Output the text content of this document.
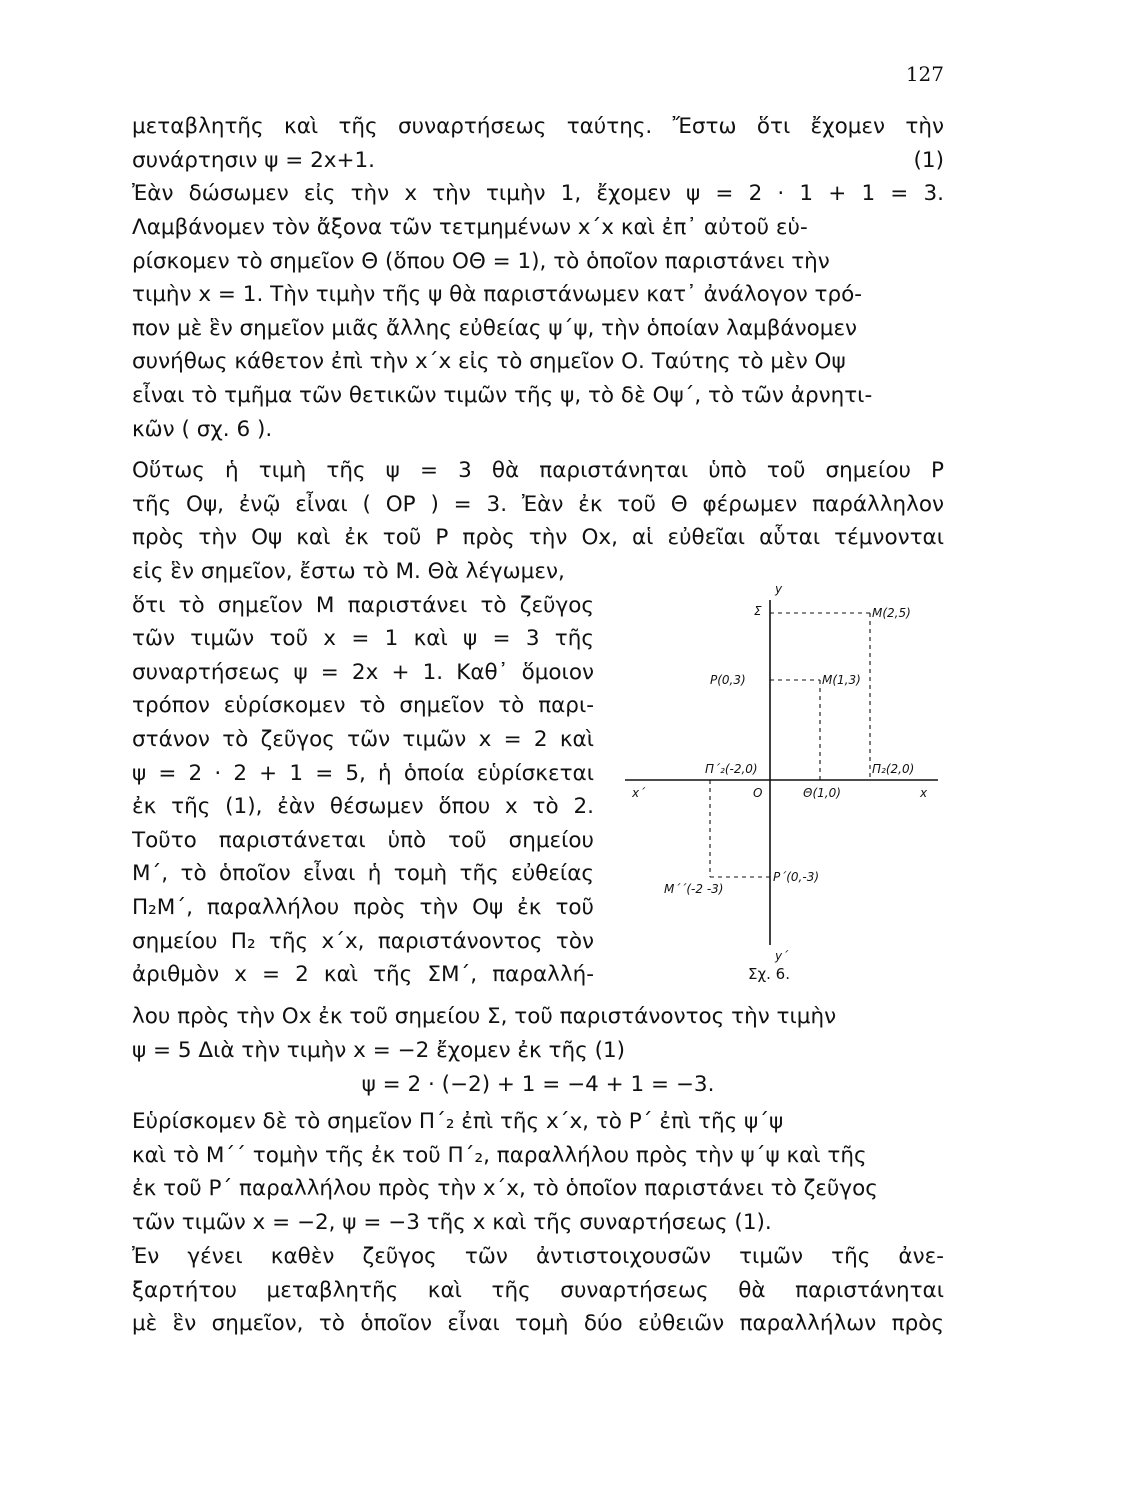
127
μεταβλητῆς καὶ τῆς συναρτήσεως ταύτης. Ἔστω ὅτι ἔχομεν τὴν
συνάρτησιν ψ = 2x+1.	(1)
Ἐὰν δώσωμεν εἰς τὴν x τὴν τιμὴν 1, ἔχομεν ψ = 2 · 1 + 1 = 3.
Λαμβάνομεν τὸν ἄξονα τῶν τετμημένων x΄x καὶ ἐπ᾽ αὐτοῦ εὑ-
ρίσκομεν τὸ σημεῖον Θ (ὅπου ΟΘ = 1), τὸ ὁποῖον παριστάνει τὴν
τιμὴν x = 1. Τὴν τιμὴν τῆς ψ θὰ παριστάνωμεν κατ᾽ ἀνάλογον τρό-
πον μὲ ἓν σημεῖον μιᾶς ἄλλης εὐθείας ψ΄ψ, τὴν ὁποίαν λαμβάνομεν
συνήθως κάθετον ἐπὶ τὴν x΄x εἰς τὸ σημεῖον Ο. Ταύτης τὸ μὲν Οψ
εἶναι τὸ τμῆμα τῶν θετικῶν τιμῶν τῆς ψ, τὸ δὲ Οψ΄, τὸ τῶν ἀρνητι-
κῶν ( σχ. 6 ).
Οὕτως ἡ τιμὴ τῆς ψ = 3 θὰ παριστάνηται ὑπὸ τοῦ σημείου Ρ
τῆς Οψ, ἐνῷ εἶναι ( ΟΡ ) = 3. Ἐὰν ἐκ τοῦ Θ φέρωμεν παράλληλον
πρὸς τὴν Οψ καὶ ἐκ τοῦ Ρ πρὸς τὴν Οx, αἱ εὐθεῖαι αὗται τέμνονται
εἰς ἓν σημεῖον, ἔστω τὸ Μ. Θὰ λέγωμεν,
ὅτι τὸ σημεῖον Μ παριστάνει τὸ ζεῦγος
τῶν τιμῶν τοῦ x = 1 καὶ ψ = 3 τῆς
συναρτήσεως ψ = 2x + 1. Καθ᾽ ὅμοιον
τρόπον εὑρίσκομεν τὸ σημεῖον τὸ παρι-
στάνον τὸ ζεῦγος τῶν τιμῶν x = 2 καὶ
ψ = 2 · 2 + 1 = 5, ἡ ὁποία εὑρίσκεται
ἐκ τῆς (1), ἐὰν θέσωμεν ὅπου x τὸ 2.
Τοῦτο παριστάνεται ὑπὸ τοῦ σημείου
Μ΄, τὸ ὁποῖον εἶναι ἡ τομὴ τῆς εὐθείας
Π₂Μ΄, παραλλήλου πρὸς τὴν Οψ ἐκ τοῦ
σημείου Π₂ τῆς x΄x, παριστάνοντος τὸν
ἀριθμὸν x = 2 καὶ τῆς ΣΜ΄, παραλλή-
y
y΄
x΄	x
O
Σ	M(2,5)
P(0,3)	M(1,3)
Π΄₂(-2,0)	Π₂(2,0)
Θ(1,0)
P΄(0,-3)
M΄΄(-2 -3)
Σχ. 6.
λου πρὸς τὴν Οx ἐκ τοῦ σημείου Σ, τοῦ παριστάνοντος τὴν τιμὴν
ψ = 5 Διὰ τὴν τιμὴν x = −2 ἔχομεν ἐκ τῆς (1)
ψ = 2 · (−2) + 1 = −4 + 1 = −3.
Εὑρίσκομεν δὲ τὸ σημεῖον Π΄₂ ἐπὶ τῆς x΄x, τὸ Ρ΄ ἐπὶ τῆς ψ΄ψ
καὶ τὸ Μ΄΄ τομὴν τῆς ἐκ τοῦ Π΄₂, παραλλήλου πρὸς τὴν ψ΄ψ καὶ τῆς
ἐκ τοῦ Ρ΄ παραλλήλου πρὸς τὴν x΄x, τὸ ὁποῖον παριστάνει τὸ ζεῦγος
τῶν τιμῶν x = −2, ψ = −3 τῆς x καὶ τῆς συναρτήσεως (1).
Ἐν γένει καθὲν ζεῦγος τῶν ἀντιστοιχουσῶν τιμῶν τῆς ἀνε-
ξαρτήτου μεταβλητῆς καὶ τῆς συναρτήσεως θὰ παριστάνηται
μὲ ἓν σημεῖον, τὸ ὁποῖον εἶναι τομὴ δύο εὐθειῶν παραλλήλων πρὸς
